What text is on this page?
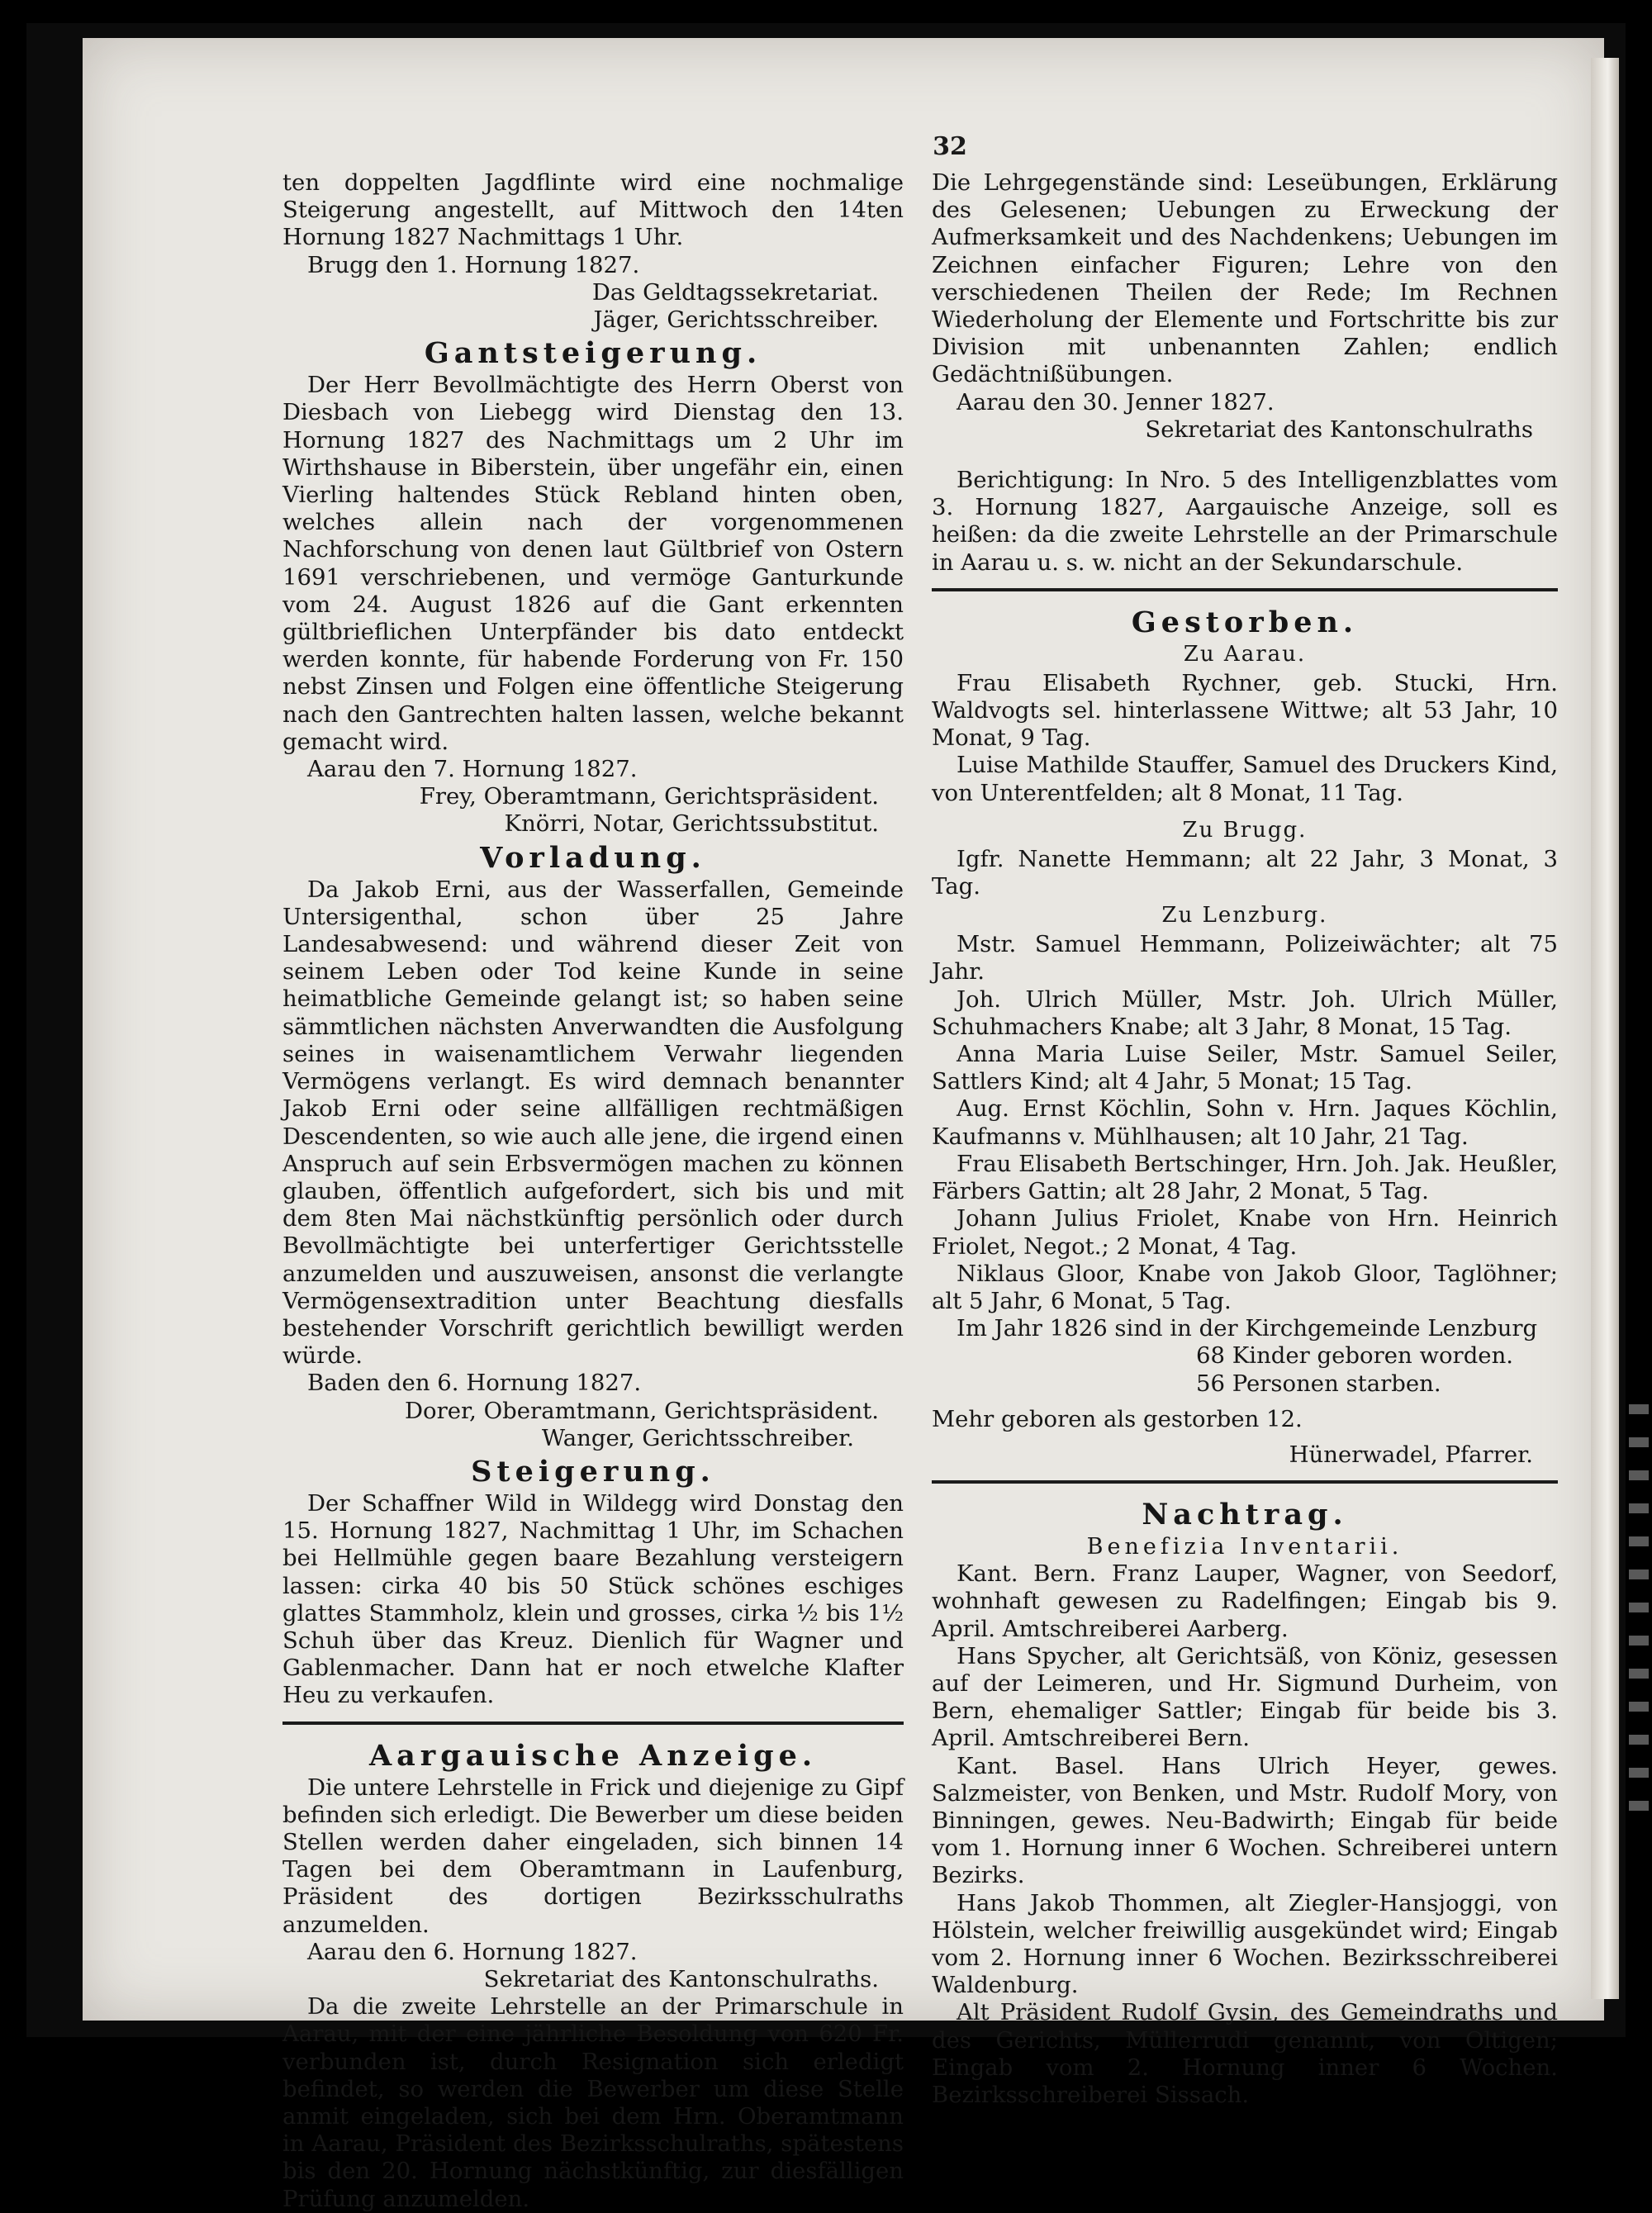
32

ten doppelten Jagdflinte wird eine nochmalige Steigerung angestellt, auf Mittwoch den 14ten Hornung 1827 Nachmittags 1 Uhr.

Brugg den 1. Hornung 1827.

Das Geldtagssekretariat.

Jäger, Gerichtsschreiber.

Gantsteigerung.

Der Herr Bevollmächtigte des Herrn Oberst von Diesbach von Liebegg wird Dienstag den 13. Hornung 1827 des Nachmittags um 2 Uhr im Wirthshause in Biberstein, über ungefähr ein, einen Vierling haltendes Stück Rebland hinten oben, welches allein nach der vorgenommenen Nachforschung von denen laut Gültbrief von Ostern 1691 verschriebenen, und vermöge Ganturkunde vom 24. August 1826 auf die Gant erkennten gültbrieflichen Unterpfänder bis dato entdeckt werden konnte, für habende Forderung von Fr. 150 nebst Zinsen und Folgen eine öffentliche Steigerung nach den Gantrechten halten lassen, welche bekannt gemacht wird.

Aarau den 7. Hornung 1827.

Frey, Oberamtmann, Gerichtspräsident.

Knörri, Notar, Gerichtssubstitut.

Vorladung.

Da Jakob Erni, aus der Wasserfallen, Gemeinde Untersigenthal, schon über 25 Jahre Landesabwesend: und während dieser Zeit von seinem Leben oder Tod keine Kunde in seine heimatbliche Gemeinde gelangt ist; so haben seine sämmtlichen nächsten Anverwandten die Ausfolgung seines in waisenamtlichem Verwahr liegenden Vermögens verlangt. Es wird demnach benannter Jakob Erni oder seine allfälligen rechtmäßigen Descendenten, so wie auch alle jene, die irgend einen Anspruch auf sein Erbsvermögen machen zu können glauben, öffentlich aufgefordert, sich bis und mit dem 8ten Mai nächstkünftig persönlich oder durch Bevollmächtigte bei unterfertiger Gerichtsstelle anzumelden und auszuweisen, ansonst die verlangte Vermögensextradition unter Beachtung diesfalls bestehender Vorschrift gerichtlich bewilligt werden würde.

Baden den 6. Hornung 1827.

Dorer, Oberamtmann, Gerichtspräsident.

Wanger, Gerichtsschreiber.

Steigerung.

Der Schaffner Wild in Wildegg wird Donstag den 15. Hornung 1827, Nachmittag 1 Uhr, im Schachen bei Hellmühle gegen baare Bezahlung versteigern lassen: cirka 40 bis 50 Stück schönes eschiges glattes Stammholz, klein und grosses, cirka ½ bis 1½ Schuh über das Kreuz. Dienlich für Wagner und Gablenmacher. Dann hat er noch etwelche Klafter Heu zu verkaufen.

Aargauische Anzeige.

Die untere Lehrstelle in Frick und diejenige zu Gipf befinden sich erledigt. Die Bewerber um diese beiden Stellen werden daher eingeladen, sich binnen 14 Tagen bei dem Oberamtmann in Laufenburg, Präsident des dortigen Bezirksschulraths anzumelden.

Aarau den 6. Hornung 1827.

Sekretariat des Kantonschulraths.

Da die zweite Lehrstelle an der Primarschule in Aarau, mit der eine jährliche Besoldung von 620 Fr. verbunden ist, durch Resignation sich erledigt befindet, so werden die Bewerber um diese Stelle anmit eingeladen, sich bei dem Hrn. Oberamtmann in Aarau, Präsident des Bezirksschulraths, spätestens bis den 20. Hornung nächstkünftig, zur diesfälligen Prüfung anzumelden.

Die Lehrgegenstände sind: Leseübungen, Erklärung des Gelesenen; Uebungen zu Erweckung der Aufmerksamkeit und des Nachdenkens; Uebungen im Zeichnen einfacher Figuren; Lehre von den verschiedenen Theilen der Rede; Im Rechnen Wiederholung der Elemente und Fortschritte bis zur Division mit unbenannten Zahlen; endlich Gedächtnißübungen.

Aarau den 30. Jenner 1827.

Sekretariat des Kantonschulraths

Berichtigung: In Nro. 5 des Intelligenzblattes vom 3. Hornung 1827, Aargauische Anzeige, soll es heißen: da die zweite Lehrstelle an der Primarschule in Aarau u. s. w. nicht an der Sekundarschule.

Gestorben.
Zu Aarau.

Frau Elisabeth Rychner, geb. Stucki, Hrn. Waldvogts sel. hinterlassene Wittwe; alt 53 Jahr, 10 Monat, 9 Tag.

Luise Mathilde Stauffer, Samuel des Druckers Kind, von Unterentfelden; alt 8 Monat, 11 Tag.

Zu Brugg.

Igfr. Nanette Hemmann; alt 22 Jahr, 3 Monat, 3 Tag.

Zu Lenzburg.

Mstr. Samuel Hemmann, Polizeiwächter; alt 75 Jahr.

Joh. Ulrich Müller, Mstr. Joh. Ulrich Müller, Schuhmachers Knabe; alt 3 Jahr, 8 Monat, 15 Tag.

Anna Maria Luise Seiler, Mstr. Samuel Seiler, Sattlers Kind; alt 4 Jahr, 5 Monat; 15 Tag.

Aug. Ernst Köchlin, Sohn v. Hrn. Jaques Köchlin, Kaufmanns v. Mühlhausen; alt 10 Jahr, 21 Tag.

Frau Elisabeth Bertschinger, Hrn. Joh. Jak. Heußler, Färbers Gattin; alt 28 Jahr, 2 Monat, 5 Tag.

Johann Julius Friolet, Knabe von Hrn. Heinrich Friolet, Negot.; 2 Monat, 4 Tag.

Niklaus Gloor, Knabe von Jakob Gloor, Taglöhner; alt 5 Jahr, 6 Monat, 5 Tag.

Im Jahr 1826 sind in der Kirchgemeinde Lenzburg

68 Kinder geboren worden.

56 Personen starben.

Mehr geboren als gestorben 12.

Hünerwadel, Pfarrer.

Nachtrag.
Benefizia Inventarii.

Kant. Bern. Franz Lauper, Wagner, von Seedorf, wohnhaft gewesen zu Radelfingen; Eingab bis 9. April. Amtschreiberei Aarberg.

Hans Spycher, alt Gerichtsäß, von Köniz, gesessen auf der Leimeren, und Hr. Sigmund Durheim, von Bern, ehemaliger Sattler; Eingab für beide bis 3. April. Amtschreiberei Bern.

Kant. Basel. Hans Ulrich Heyer, gewes. Salzmeister, von Benken, und Mstr. Rudolf Mory, von Binningen, gewes. Neu-Badwirth; Eingab für beide vom 1. Hornung inner 6 Wochen. Schreiberei untern Bezirks.

Hans Jakob Thommen, alt Ziegler-Hansjoggi, von Hölstein, welcher freiwillig ausgekündet wird; Eingab vom 2. Hornung inner 6 Wochen. Bezirksschreiberei Waldenburg.

Alt Präsident Rudolf Gysin, des Gemeindraths und des Gerichts, Müllerrudi genannt, von Oltigen; Eingab vom 2. Hornung inner 6 Wochen. Bezirksschreiberei Sissach.
